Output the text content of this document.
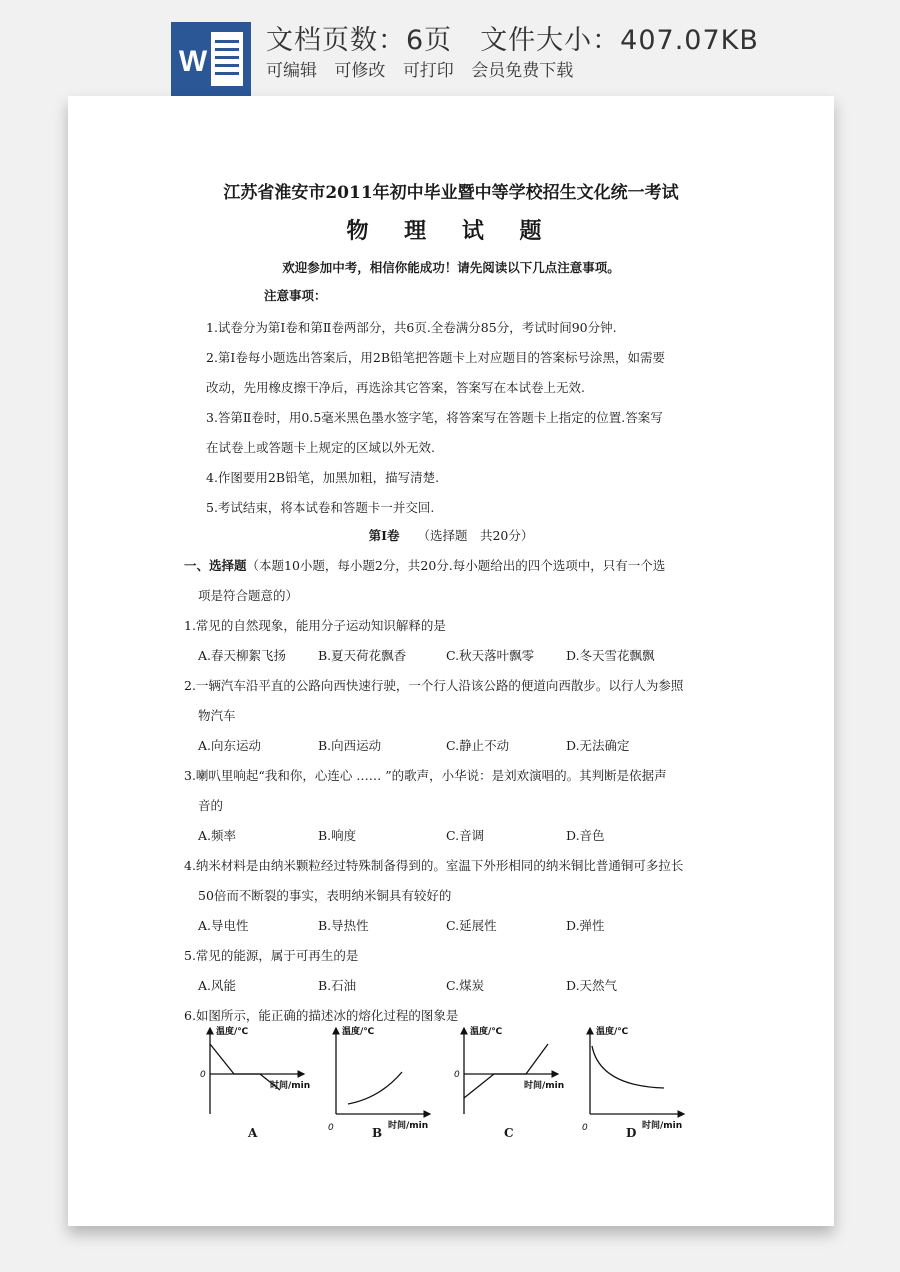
W
文档页数：6页 文件大小：407.07KB
可编辑 可修改 可打印 会员免费下载
江苏省淮安市2011年初中毕业暨中等学校招生文化统一考试
物 理 试 题
欢迎参加中考，相信你能成功！请先阅读以下几点注意事项。
注意事项：
1.试卷分为第Ⅰ卷和第Ⅱ卷两部分，共6页.全卷满分85分，考试时间90分钟.
2.第Ⅰ卷每小题选出答案后，用2B铅笔把答题卡上对应题目的答案标号涂黑，如需要
改动，先用橡皮擦干净后，再选涂其它答案，答案写在本试卷上无效.
3.答第Ⅱ卷时，用0.5毫米黑色墨水签字笔，将答案写在答题卡上指定的位置.答案写
在试卷上或答题卡上规定的区域以外无效.
4.作图要用2B铅笔，加黑加粗，描写清楚.
5.考试结束，将本试卷和答题卡一并交回.
第Ⅰ卷 （选择题　共20分）
一、选择题（本题10小题，每小题2分，共20分.每小题给出的四个选项中，只有一个选
项是符合题意的）
1.常见的自然现象，能用分子运动知识解释的是
A.春天柳絮飞扬	B.夏天荷花飘香	C.秋天落叶飘零	D.冬天雪花飘飘
2.一辆汽车沿平直的公路向西快速行驶，一个行人沿该公路的便道向西散步。以行人为参照
物汽车
A.向东运动	B.向西运动	C.静止不动	D.无法确定
3.喇叭里响起“我和你，心连心 …… ”的歌声，小华说：是刘欢演唱的。其判断是依据声
音的
A.频率	B.响度	C.音调	D.音色
4.纳米材料是由纳米颗粒经过特殊制备得到的。室温下外形相同的纳米铜比普通铜可多拉长
50倍而不断裂的事实，表明纳米铜具有较好的
A.导电性	B.导热性	C.延展性	D.弹性
5.常见的能源，属于可再生的是
A.风能	B.石油	C.煤炭	D.天然气
6.如图所示，能正确的描述冰的熔化过程的图象是
温度/℃
0
时间/min
温度/℃
0	时间/min
温度/℃
0
时间/min
温度/℃
0	时间/min
A	B	C	D
